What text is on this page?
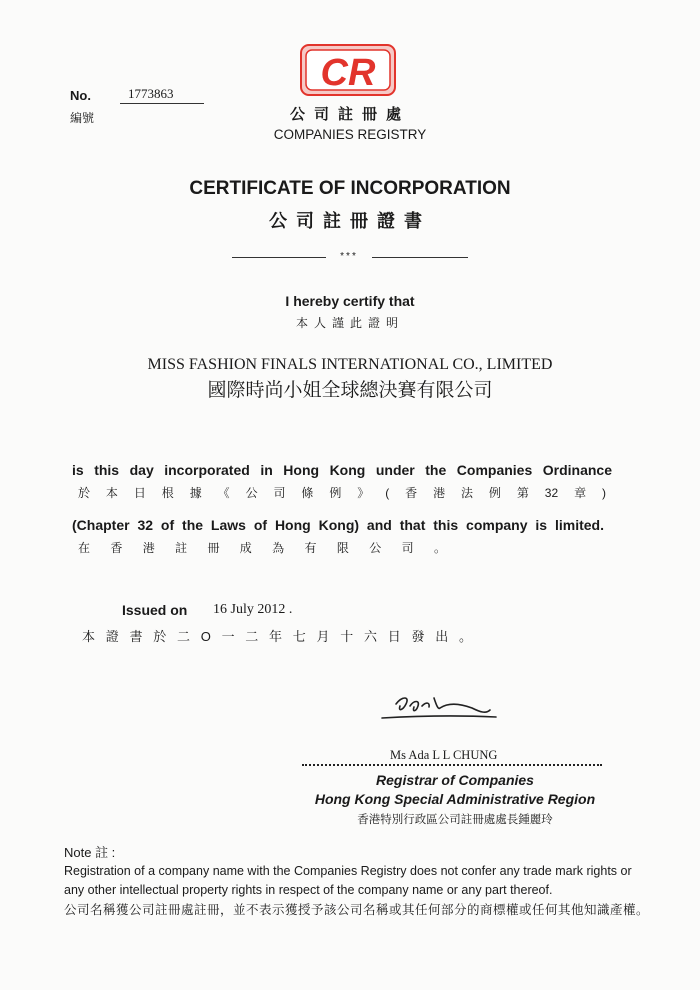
CR
公司註冊處
COMPANIES REGISTRY
No.	1773863
編號
CERTIFICATE OF INCORPORATION
公司註冊證書
***
I hereby certify that
本人謹此證明
MISS FASHION FINALS INTERNATIONAL CO., LIMITED
國際時尚小姐全球總決賽有限公司
is this day incorporated in Hong Kong under the Companies Ordinance
於本日根據《公司條例》(香港法例第32章)
(Chapter 32 of the Laws of Hong Kong) and that this company is limited.
在香港註冊成為有限公司。
Issued on 16 July 2012 .
本證書於二O一二年七月十六日發出。
Ms Ada L L CHUNG
Registrar of Companies
Hong Kong Special Administrative Region
香港特別行政區公司註冊處處長鍾麗玲
Note 註 :
Registration of a company name with the Companies Registry does not confer any trade mark rights or any other intellectual property rights in respect of the company name or any part thereof.
公司名稱獲公司註冊處註冊，並不表示獲授予該公司名稱或其任何部分的商標權或任何其他知識產權。
